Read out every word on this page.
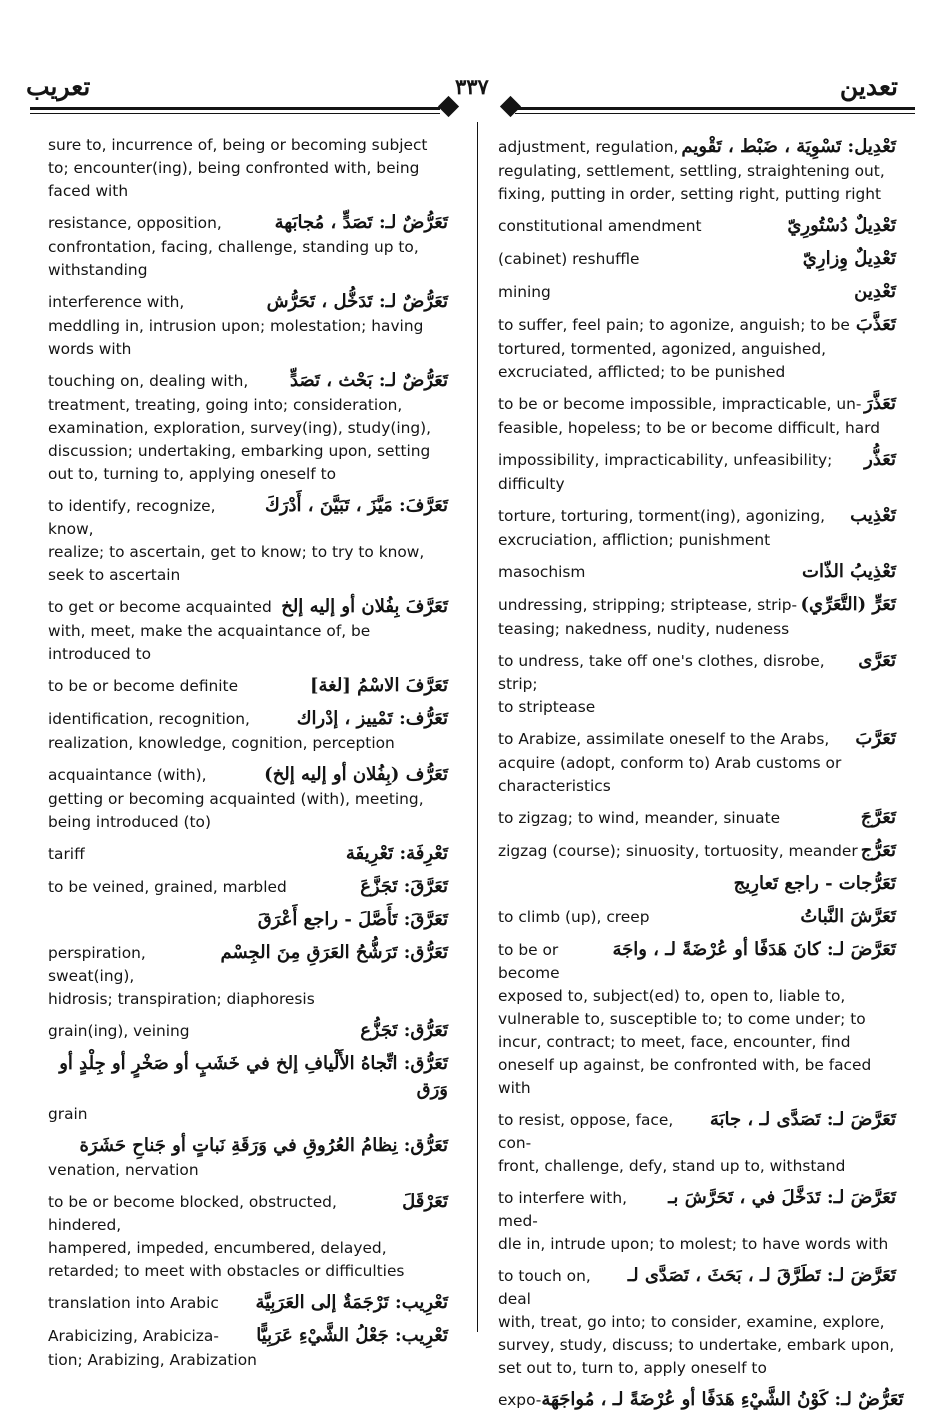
تعريب	٣٣٧	تعدين
sure to, incurrence of, being or becoming subject to; encounter(ing), being confronted with, being faced with
resistance, opposition,	تَعَرُّضٌ لـ: تَصَدٍّ ، مُجابَهة
confrontation, facing, challenge, standing up to, withstanding
interference with,	تَعَرُّضٌ لـ: تَدَخُّل ، تَحَرُّش
meddling in, intrusion upon; molestation; having words with
touching on, dealing with, تَعَرُّضٌ لـ: بَحْث ، تَصَدٍّ
treatment, treating, going into; consideration, examination, exploration, survey(ing), study(ing), discussion; undertaking, embarking upon, setting out to, turning to, applying oneself to
to identify, recognize, know,
تَعَرَّفَ: مَيَّزَ ، تَبَيَّنَ ، أَدْرَكَ
realize; to ascertain, get to know; to try to know, seek to ascertain
to get or become acquainted تَعَرَّفَ بِفُلان أو إليه إلخ
with, meet, make the acquaintance of, be introduced to
to be or become definite	تَعَرَّفَ الاسْمُ [لغة]
identification, recognition,	تَعَرُّف: تَمْييز ، إدْراك
realization, knowledge, cognition, perception
acquaintance (with),	تَعَرُّف (بِفُلان أو إليه إلخ)
getting or becoming acquainted (with), meeting, being introduced (to)
tariff	تَعْرِفَة: تَعْرِيفَة
to be veined, grained, marbled	تَعَرَّقَ: تَجَزَّعَ
تَعَرَّقَ: تَأَصَّلَ - راجع أَعْرَقَ
perspiration, sweat(ing),
تَعَرُّق: تَرَشُّحُ العَرَقِ مِنَ الجِسْم
hidrosis; transpiration; diaphoresis
grain(ing), veining	تَعَرُّق: تَجَزُّع
تَعَرُّق: اتِّجاهُ الأَلْيافِ إلخ في خَشَبٍ أو صَخْرٍ أو جِلْدٍ أو وَرَق
grain
تَعَرُّق: نِظامُ العُرُوقِ في وَرَقَةِ نَباتٍ أو جَناحِ حَشَرَة
venation, nervation
to be or become blocked, obstructed, hindered,
تَعَرْقَلَ
hampered, impeded, encumbered, delayed, retarded; to meet with obstacles or difficulties
translation into Arabic تَعْرِيب: تَرْجَمَةٌ إلى العَرَبِيَّة
Arabicizing, Arabiciza- تَعْرِيب: جَعْلُ الشَّيْءِ عَرَبِيًّا
tion; Arabizing, Arabization
adjustment, regulation, تَعْدِيل: تَسْوِيَة ، ضَبْط ، تَقْويم
regulating, settlement, settling, straightening out, fixing, putting in order, setting right, putting right
constitutional amendment	تَعْدِيلٌ دُسْتُورِيّ
(cabinet) reshuffle	تَعْدِيلٌ وِزارِيّ
mining	تَعْدِين
to suffer, feel pain; to agonize, anguish; to be تَعَذَّبَ
tortured, tormented, agonized, anguished, excruciated, afflicted; to be punished
to be or become impossible, impracticable, un- تَعَذَّرَ
feasible, hopeless; to be or become difficult, hard
impossibility, impracticability, unfeasibility; تَعَذُّر
difficulty
torture, torturing, torment(ing), agonizing, تَعْذِيب
excruciation, affliction; punishment
masochism	تَعْذِيبُ الذّات
undressing, stripping; striptease, strip- تَعَرٍّ (التَّعَرِّي)
teasing; nakedness, nudity, nudeness
to undress, take off one's clothes, disrobe, strip;
تَعَرَّى
to striptease
to Arabize, assimilate oneself to the Arabs, تَعَرَّبَ
acquire (adopt, conform to) Arab customs or characteristics
to zigzag; to wind, meander, sinuate	تَعَرَّجَ
zigzag (course); sinuosity, tortuosity, meander تَعَرُّج
تَعَرُّجات - راجع تَعارِيج
to climb (up), creep	تَعَرَّشَ النَّباتُ
to be or become
تَعَرَّضَ لـ: كانَ هَدَفًا أو عُرْضَةً لـ ، واجَهَ
exposed to, subject(ed) to, open to, liable to, vulnerable to, susceptible to; to come under; to incur, contract; to meet, face, encounter, find oneself up against, be confronted with, be faced with
to resist, oppose, face, con-
تَعَرَّضَ لـ: تَصَدَّى لـ ، جابَهَ
front, challenge, defy, stand up to, withstand
to interfere with, med-
تَعَرَّضَ لـ: تَدَخَّلَ في ، تَحَرَّشَ بـ
dle in, intrude upon; to molest; to have words with
to touch on, deal
تَعَرَّضَ لـ: تَطَرَّقَ لـ ، بَحَثَ ، تَصَدَّى لـ
with, treat, go into; to consider, examine, explore, survey, study, discuss; to undertake, embark upon, set out to, turn to, apply oneself to
expo- تَعَرُّضٌ لـ: كَوْنُ الشَّيْءِ هَدَفًا أو عُرْضَةً لـ ، مُواجَهَة
